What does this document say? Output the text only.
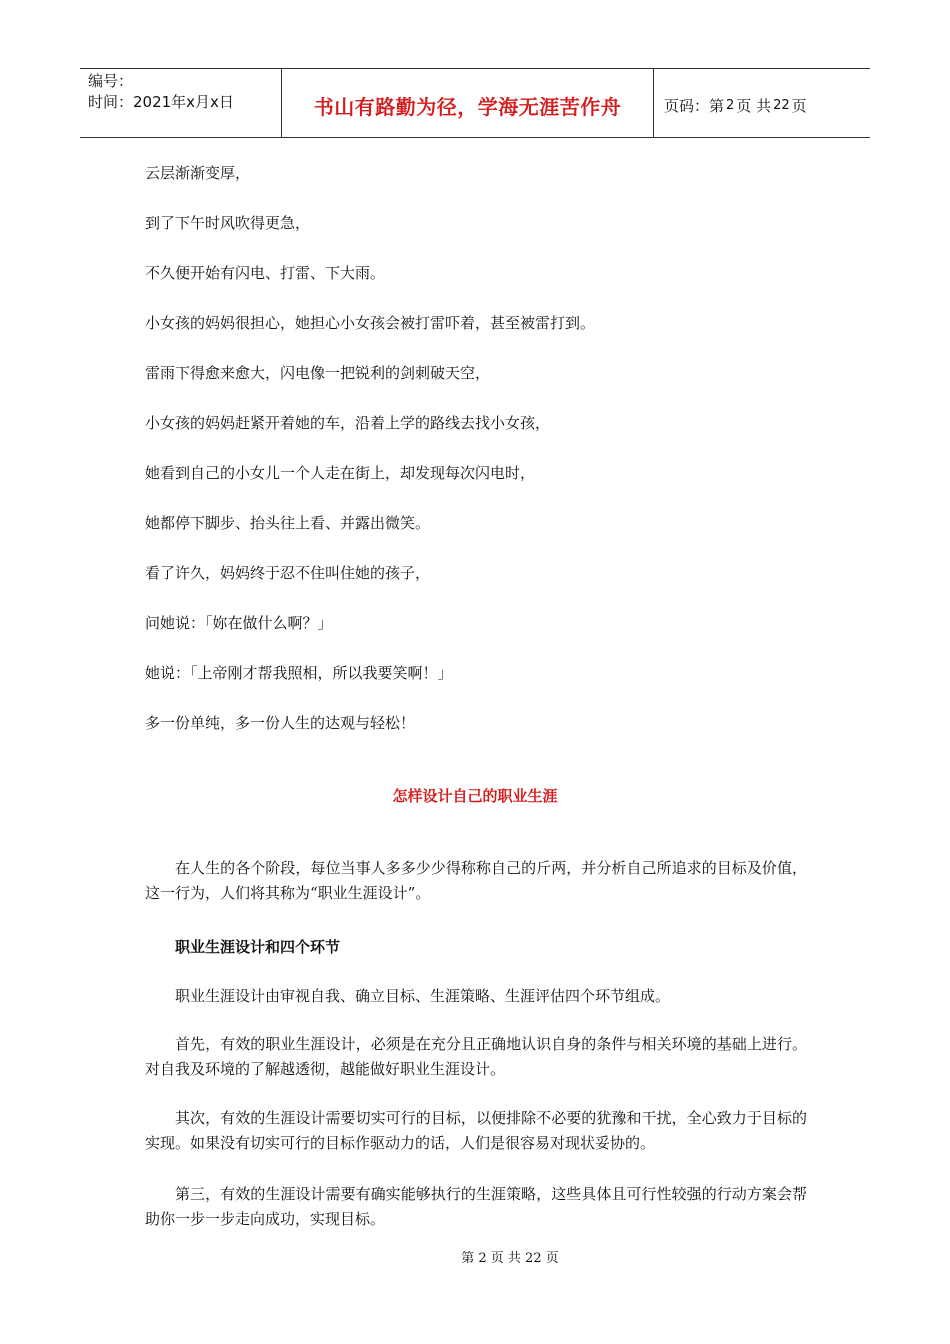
编号：
时间：2021年x月x日	书山有路勤为径，学海无涯苦作舟	页码：第 2 页 共 22 页
云层渐渐变厚，
到了下午时风吹得更急，
不久便开始有闪电、打雷、下大雨。
小女孩的妈妈很担心，她担心小女孩会被打雷吓着，甚至被雷打到。
雷雨下得愈来愈大，闪电像一把锐利的剑刺破天空，
小女孩的妈妈赶紧开着她的车，沿着上学的路线去找小女孩，
她看到自己的小女儿一个人走在街上，却发现每次闪电时，
她都停下脚步、抬头往上看、并露出微笑。
看了许久，妈妈终于忍不住叫住她的孩子，
问她说：「妳在做什么啊？」
她说：「上帝刚才帮我照相，所以我要笑啊！」
多一份单纯，多一份人生的达观与轻松！
怎样设计自己的职业生涯
在人生的各个阶段，每位当事人多多少少得称称自己的斤两，并分析自己所追求的目标及价值，这一行为，人们将其称为“职业生涯设计”。
职业生涯设计和四个环节
职业生涯设计由审视自我、确立目标、生涯策略、生涯评估四个环节组成。
首先，有效的职业生涯设计，必须是在充分且正确地认识自身的条件与相关环境的基础上进行。对自我及环境的了解越透彻，越能做好职业生涯设计。
其次，有效的生涯设计需要切实可行的目标，以便排除不必要的犹豫和干扰，全心致力于目标的实现。如果没有切实可行的目标作驱动力的话，人们是很容易对现状妥协的。
第三，有效的生涯设计需要有确实能够执行的生涯策略，这些具体且可行性较强的行动方案会帮助你一步一步走向成功，实现目标。
第 2 页 共 22 页
